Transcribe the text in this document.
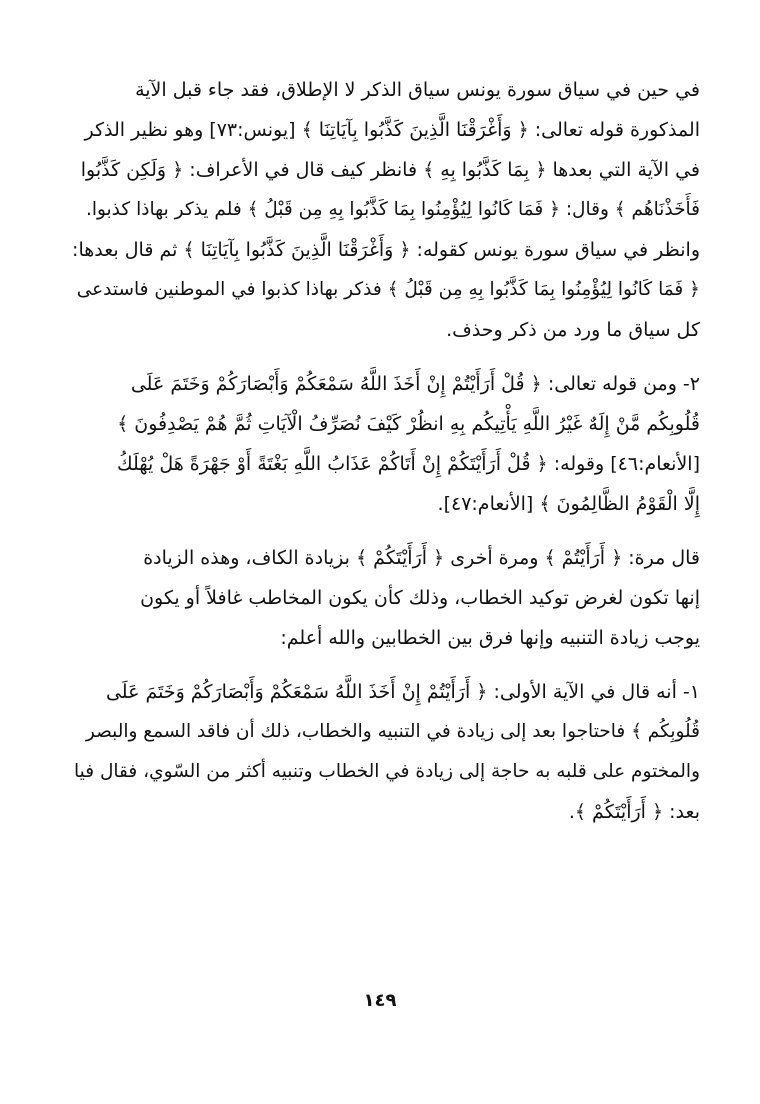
في حين في سياق سورة يونس سياق الذكر لا الإطلاق، فقد جاء قبل الآية
المذكورة قوله تعالى: ﴿ وَأَغْرَقْنَا الَّذِينَ كَذَّبُوا بِآيَاتِنَا ﴾ [يونس:٧٣] وهو نظير الذكر
في الآية التي بعدها ﴿ بِمَا كَذَّبُوا بِهِ ﴾ فانظر كيف قال في الأعراف: ﴿ وَلَكِن كَذَّبُوا
فَأَخَذْنَاهُم ﴾ وقال: ﴿ فَمَا كَانُوا لِيُؤْمِنُوا بِمَا كَذَّبُوا بِهِ مِن قَبْلُ ﴾ فلم يذكر بهاذا كذبوا.
وانظر في سياق سورة يونس كقوله: ﴿ وَأَغْرَقْنَا الَّذِينَ كَذَّبُوا بِآيَاتِنَا ﴾ ثم قال بعدها:
﴿ فَمَا كَانُوا لِيُؤْمِنُوا بِمَا كَذَّبُوا بِهِ مِن قَبْلُ ﴾ فذكر بهاذا كذبوا في الموطنين فاستدعى
كل سياق ما ورد من ذكر وحذف.

٢- ومن قوله تعالى: ﴿ قُلْ أَرَأَيْتُمْ إِنْ أَخَذَ اللَّهُ سَمْعَكُمْ وَأَبْصَارَكُمْ وَخَتَمَ عَلَى
قُلُوبِكُم مَّنْ إِلَهٌ غَيْرُ اللَّهِ يَأْتِيكُم بِهِ انظُرْ كَيْفَ نُصَرِّفُ الْآيَاتِ ثُمَّ هُمْ يَصْدِفُونَ ﴾
[الأنعام:٤٦] وقوله: ﴿ قُلْ أَرَأَيْتَكُمْ إِنْ أَتَاكُمْ عَذَابُ اللَّهِ بَغْتَةً أَوْ جَهْرَةً هَلْ يُهْلَكُ
إِلَّا الْقَوْمُ الظَّالِمُونَ ﴾ [الأنعام:٤٧].

قال مرة: ﴿ أَرَأَيْتُمْ ﴾ ومرة أخرى ﴿ أَرَأَيْتَكُمْ ﴾ بزيادة الكاف، وهذه الزيادة
إنها تكون لغرض توكيد الخطاب، وذلك كأن يكون المخاطب غافلاً أو يكون
يوجب زيادة التنبيه وإنها فرق بين الخطابين والله أعلم:

١- أنه قال في الآية الأولى: ﴿ أَرَأَيْتُمْ إِنْ أَخَذَ اللَّهُ سَمْعَكُمْ وَأَبْصَارَكُمْ وَخَتَمَ عَلَى
قُلُوبِكُم ﴾ فاحتاجوا بعد إلى زيادة في التنبيه والخطاب، ذلك أن فاقد السمع والبصر
والمختوم على قلبه به حاجة إلى زيادة في الخطاب وتنبيه أكثر من السّوي، فقال فيا
بعد: ﴿ أَرَأَيْتَكُمْ ﴾.

١٤٩
